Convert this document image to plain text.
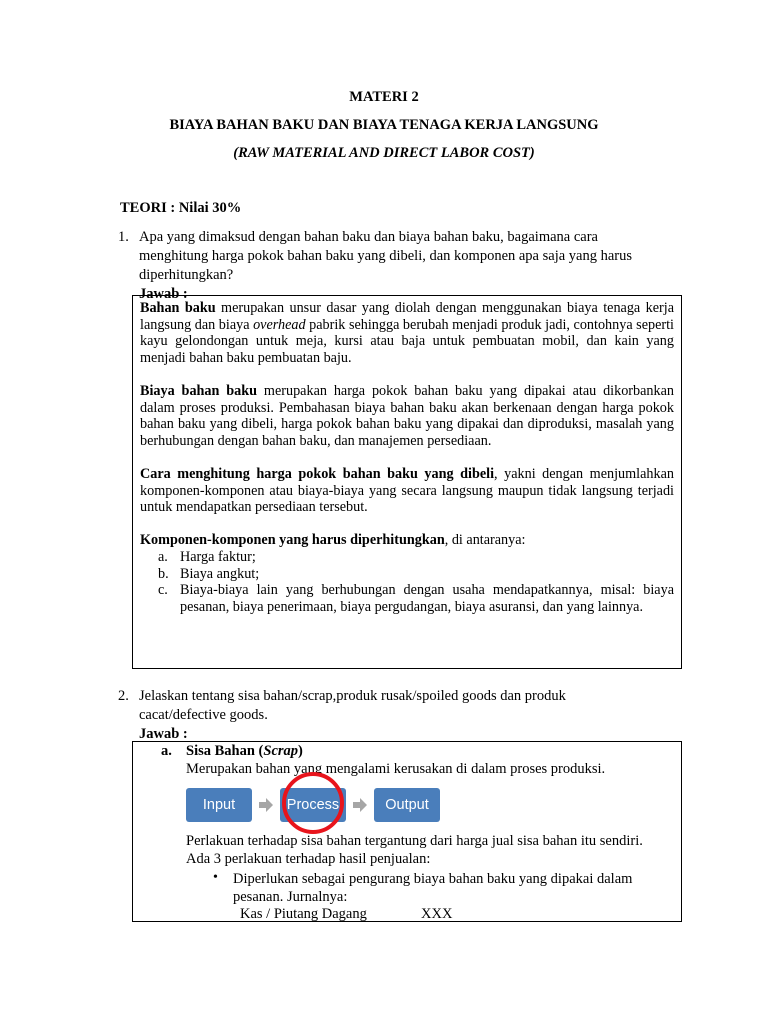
MATERI 2
BIAYA BAHAN BAKU DAN BIAYA TENAGA KERJA LANGSUNG
(RAW MATERIAL AND DIRECT LABOR COST)
TEORI : Nilai 30%
1. Apa yang dimaksud dengan bahan baku dan biaya bahan baku, bagaimana cara
menghitung harga pokok bahan baku yang dibeli, dan komponen apa saja yang harus
diperhitungkan?
Jawab :

Bahan baku merupakan unsur dasar yang diolah dengan menggunakan biaya tenaga kerja langsung dan biaya overhead pabrik sehingga berubah menjadi produk jadi, contohnya seperti kayu gelondongan untuk meja, kursi atau baja untuk pembuatan mobil, dan kain yang menjadi bahan baku pembuatan baju.

Biaya bahan baku merupakan harga pokok bahan baku yang dipakai atau dikorbankan dalam proses produksi. Pembahasan biaya bahan baku akan berkenaan dengan harga pokok bahan baku yang dibeli, harga pokok bahan baku yang dipakai dan diproduksi, masalah yang berhubungan dengan bahan baku, dan manajemen persediaan.

Cara menghitung harga pokok bahan baku yang dibeli, yakni dengan menjumlahkan komponen-komponen atau biaya-biaya yang secara langsung maupun tidak langsung terjadi untuk mendapatkan persediaan tersebut.

Komponen-komponen yang harus diperhitungkan, di antaranya:

a. Harga faktur;
b. Biaya angkut;
c. Biaya-biaya lain yang berhubungan dengan usaha mendapatkannya, misal: biaya pesanan, biaya penerimaan, biaya pergudangan, biaya asuransi, dan yang lainnya.
2. Jelaskan tentang sisa bahan/scrap,produk rusak/spoiled goods dan produk
cacat/defective goods.
Jawab :
a. Sisa Bahan (Scrap)
Merupakan bahan yang mengalami kerusakan di dalam proses produksi.
Perlakuan terhadap sisa bahan tergantung dari harga jual sisa bahan itu sendiri.
Ada 3 perlakuan terhadap hasil penjualan:
• Diperlukan sebagai pengurang biaya bahan baku yang dipakai dalam
pesanan. Jurnalnya:
Kas / Piutang Dagang	XXX
Input	Process	Output
